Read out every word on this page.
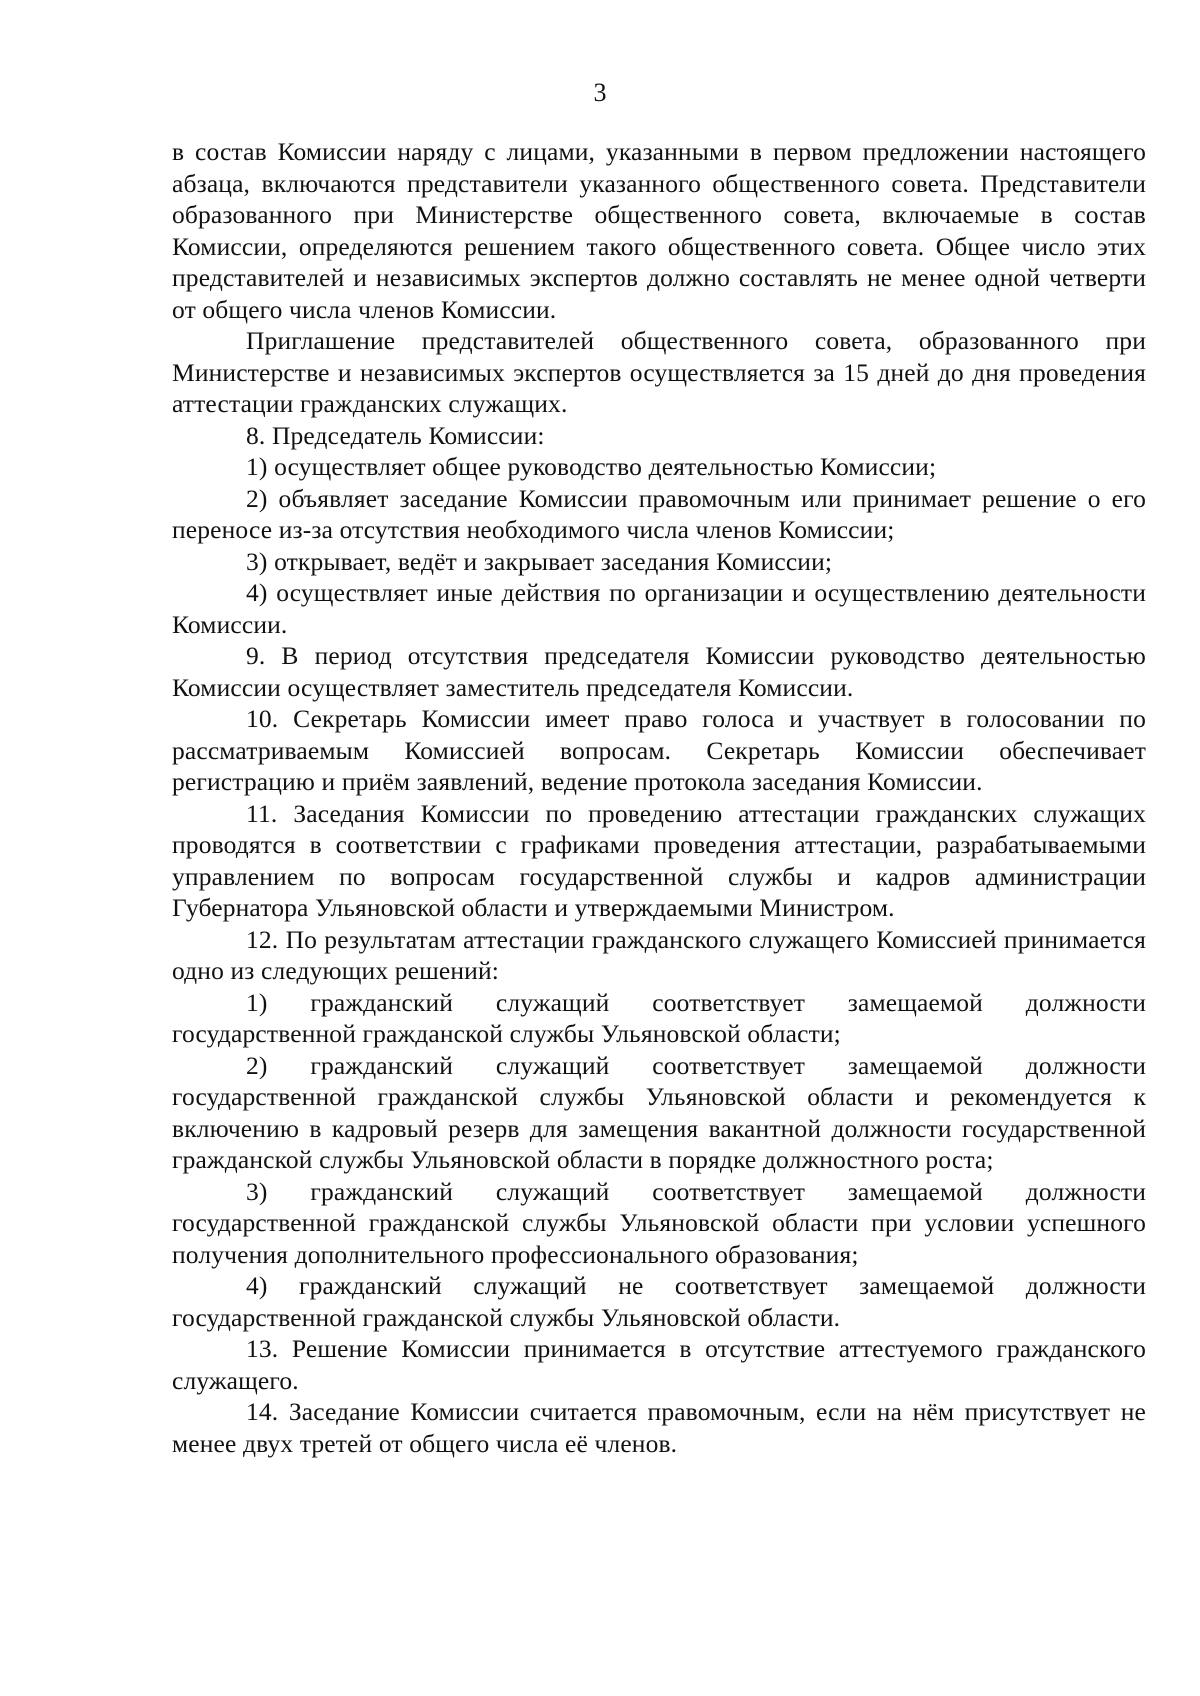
3

в состав Комиссии наряду с лицами, указанными в первом предложении настоящего абзаца, включаются представители указанного общественного совета. Представители образованного при Министерстве общественного совета, включаемые в состав Комиссии, определяются решением такого общественного совета. Общее число этих представителей и независимых экспертов должно составлять не менее одной четверти от общего числа членов Комиссии.

Приглашение представителей общественного совета, образованного при Министерстве и независимых экспертов осуществляется за 15 дней до дня проведения аттестации гражданских служащих.

8. Председатель Комиссии:

1) осуществляет общее руководство деятельностью Комиссии;

2) объявляет заседание Комиссии правомочным или принимает решение о его переносе из-за отсутствия необходимого числа членов Комиссии;

3) открывает, ведёт и закрывает заседания Комиссии;

4) осуществляет иные действия по организации и осуществлению деятельности Комиссии.

9. В период отсутствия председателя Комиссии руководство деятельностью Комиссии осуществляет заместитель председателя Комиссии.

10. Секретарь Комиссии имеет право голоса и участвует в голосовании по рассматриваемым Комиссией вопросам. Секретарь Комиссии обеспечивает регистрацию и приём заявлений, ведение протокола заседания Комиссии.

11. Заседания Комиссии по проведению аттестации гражданских служащих проводятся в соответствии с графиками проведения аттестации, разрабатываемыми управлением по вопросам государственной службы и кадров администрации Губернатора Ульяновской области и утверждаемыми Министром.

12. По результатам аттестации гражданского служащего Комиссией принимается одно из следующих решений:

1) гражданский служащий соответствует замещаемой должности государственной гражданской службы Ульяновской области;

2) гражданский служащий соответствует замещаемой должности государственной гражданской службы Ульяновской области и рекомендуется к включению в кадровый резерв для замещения вакантной должности государственной гражданской службы Ульяновской области в порядке должностного роста;

3) гражданский служащий соответствует замещаемой должности государственной гражданской службы Ульяновской области при условии успешного получения дополнительного профессионального образования;

4) гражданский служащий не соответствует замещаемой должности государственной гражданской службы Ульяновской области.

13. Решение Комиссии принимается в отсутствие аттестуемого гражданского служащего.

14. Заседание Комиссии считается правомочным, если на нём присутствует не менее двух третей от общего числа её членов.
